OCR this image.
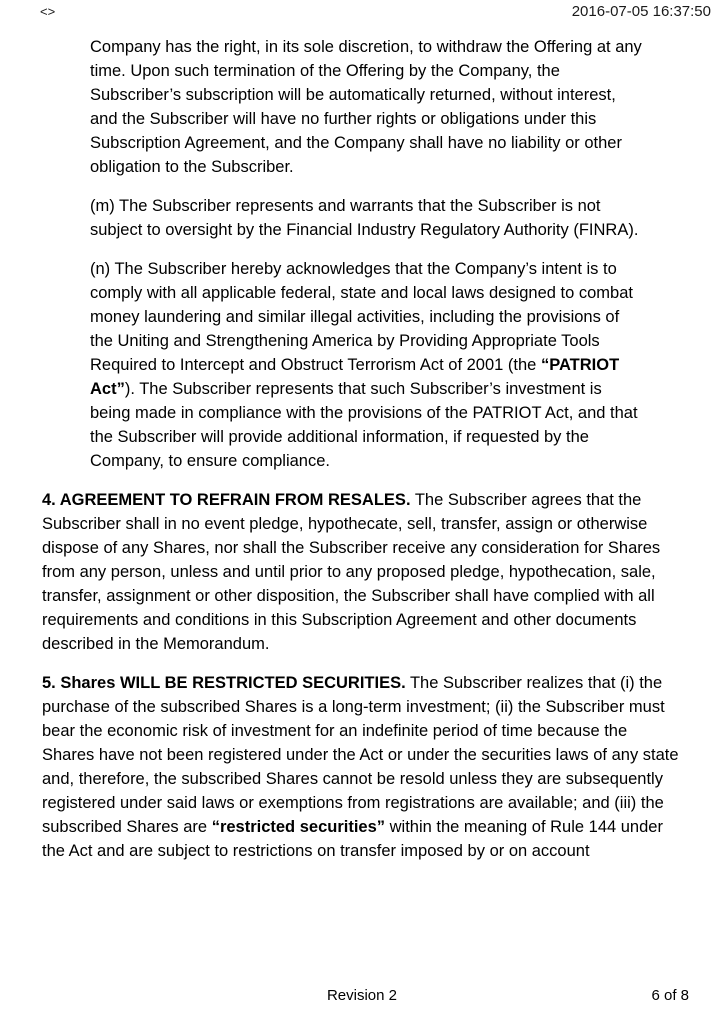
<>	2016-07-05 16:37:50

Company has the right, in its sole discretion, to withdraw the Offering at any time. Upon such termination of the Offering by the Company, the Subscriber’s subscription will be automatically returned, without interest, and the Subscriber will have no further rights or obligations under this Subscription Agreement, and the Company shall have no liability or other obligation to the Subscriber.

(m) The Subscriber represents and warrants that the Subscriber is not subject to oversight by the Financial Industry Regulatory Authority (FINRA).

(n) The Subscriber hereby acknowledges that the Company’s intent is to comply with all applicable federal, state and local laws designed to combat money laundering and similar illegal activities, including the provisions of the Uniting and Strengthening America by Providing Appropriate Tools Required to Intercept and Obstruct Terrorism Act of 2001 (the “PATRIOT Act”). The Subscriber represents that such Subscriber’s investment is being made in compliance with the provisions of the PATRIOT Act, and that the Subscriber will provide additional information, if requested by the Company, to ensure compliance.

4. AGREEMENT TO REFRAIN FROM RESALES. The Subscriber agrees that the Subscriber shall in no event pledge, hypothecate, sell, transfer, assign or otherwise dispose of any Shares, nor shall the Subscriber receive any consideration for Shares from any person, unless and until prior to any proposed pledge, hypothecation, sale, transfer, assignment or other disposition, the Subscriber shall have complied with all requirements and conditions in this Subscription Agreement and other documents described in the Memorandum.

5. Shares WILL BE RESTRICTED SECURITIES. The Subscriber realizes that (i) the purchase of the subscribed Shares is a long-term investment; (ii) the Subscriber must bear the economic risk of investment for an indefinite period of time because the Shares have not been registered under the Act or under the securities laws of any state and, therefore, the subscribed Shares cannot be resold unless they are subsequently registered under said laws or exemptions from registrations are available; and (iii) the subscribed Shares are “restricted securities” within the meaning of Rule 144 under the Act and are subject to restrictions on transfer imposed by or on account

Revision 2	6 of 8
